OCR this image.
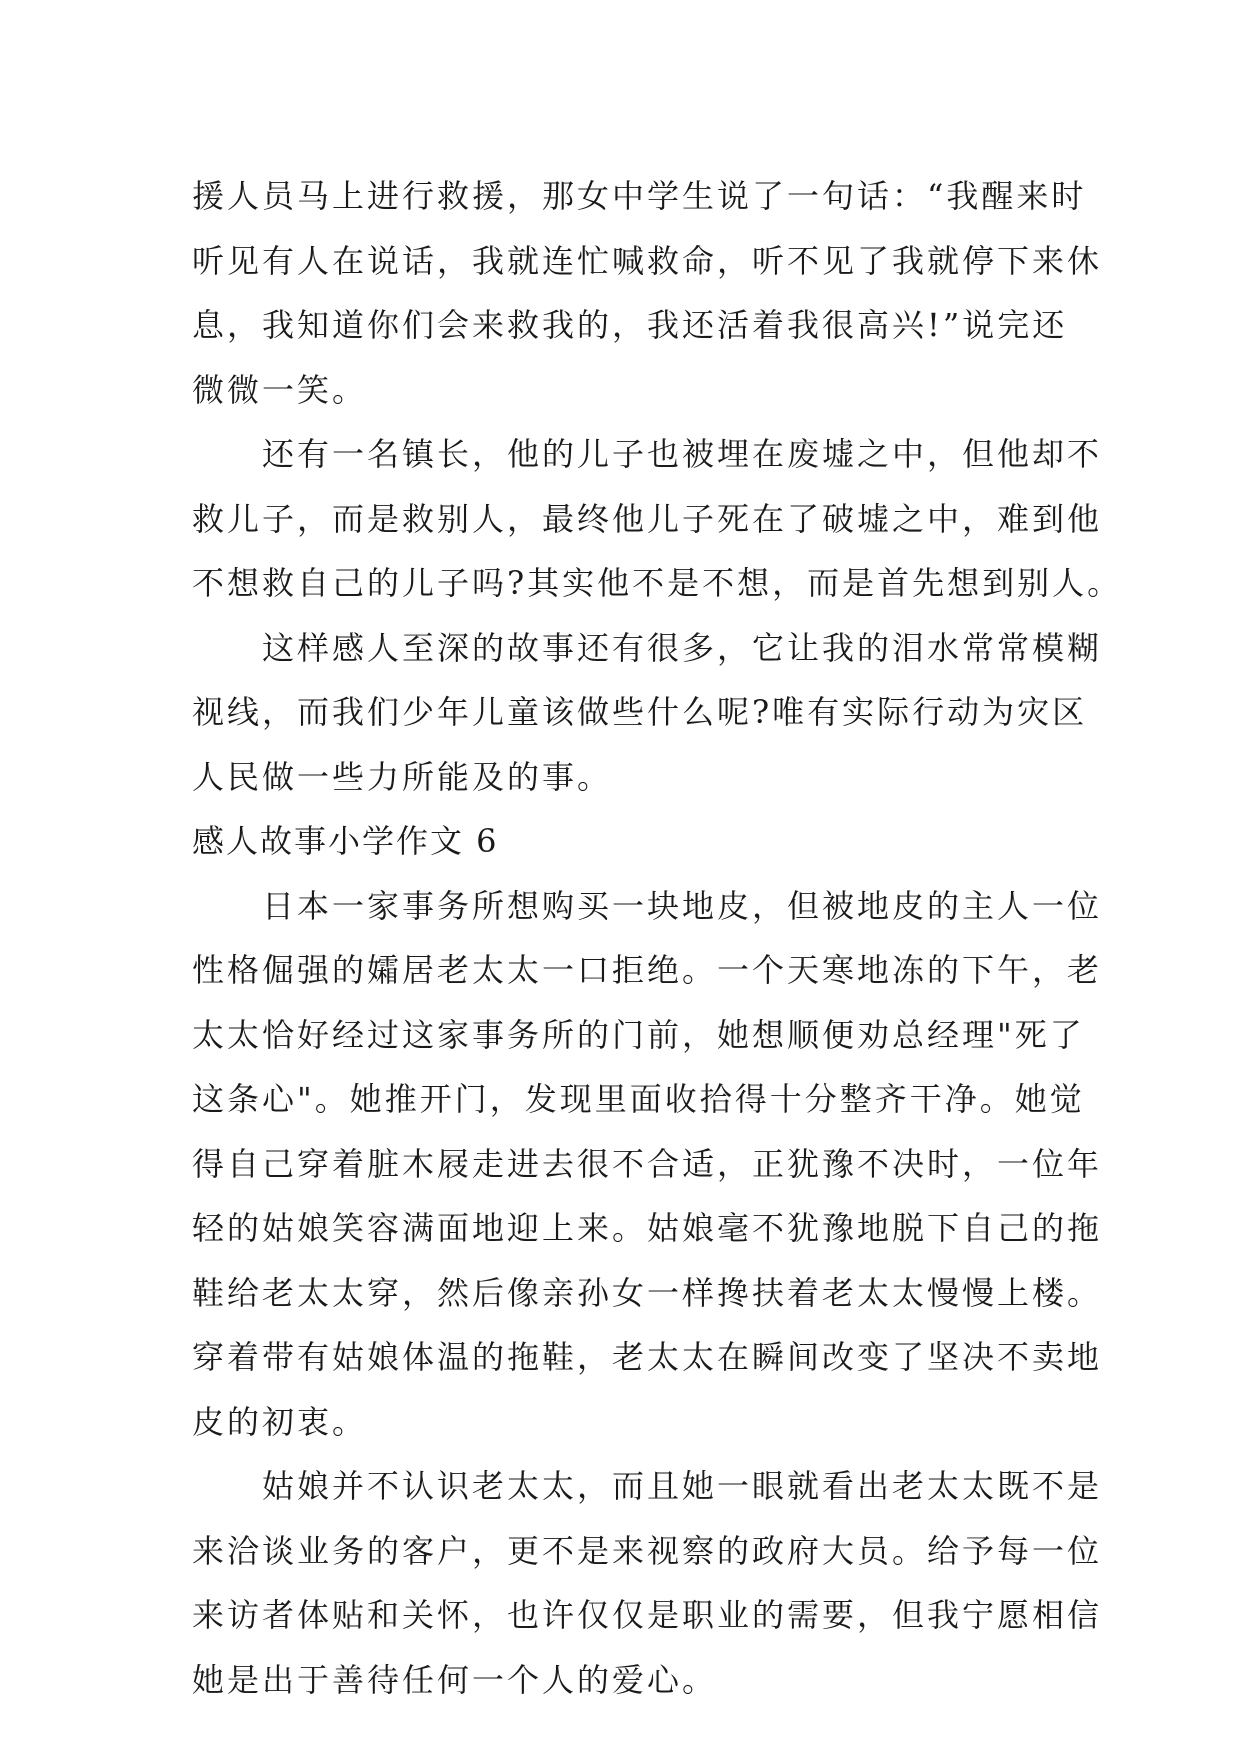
援人员马上进行救援，那女中学生说了一句话：“我醒来时
听见有人在说话，我就连忙喊救命，听不见了我就停下来休
息，我知道你们会来救我的，我还活着我很高兴!”说完还
微微一笑。
还有一名镇长，他的儿子也被埋在废墟之中，但他却不
救儿子，而是救别人，最终他儿子死在了破墟之中，难到他
不想救自己的儿子吗?其实他不是不想，而是首先想到别人。
这样感人至深的故事还有很多，它让我的泪水常常模糊
视线，而我们少年儿童该做些什么呢?唯有实际行动为灾区
人民做一些力所能及的事。
感人故事小学作文 6
日本一家事务所想购买一块地皮，但被地皮的主人一位
性格倔强的孀居老太太一口拒绝。一个天寒地冻的下午，老
太太恰好经过这家事务所的门前，她想顺便劝总经理"死了
这条心"。她推开门，发现里面收拾得十分整齐干净。她觉
得自己穿着脏木屐走进去很不合适，正犹豫不决时，一位年
轻的姑娘笑容满面地迎上来。姑娘毫不犹豫地脱下自己的拖
鞋给老太太穿，然后像亲孙女一样搀扶着老太太慢慢上楼。
穿着带有姑娘体温的拖鞋，老太太在瞬间改变了坚决不卖地
皮的初衷。
姑娘并不认识老太太，而且她一眼就看出老太太既不是
来洽谈业务的客户，更不是来视察的政府大员。给予每一位
来访者体贴和关怀，也许仅仅是职业的需要，但我宁愿相信
她是出于善待任何一个人的爱心。
